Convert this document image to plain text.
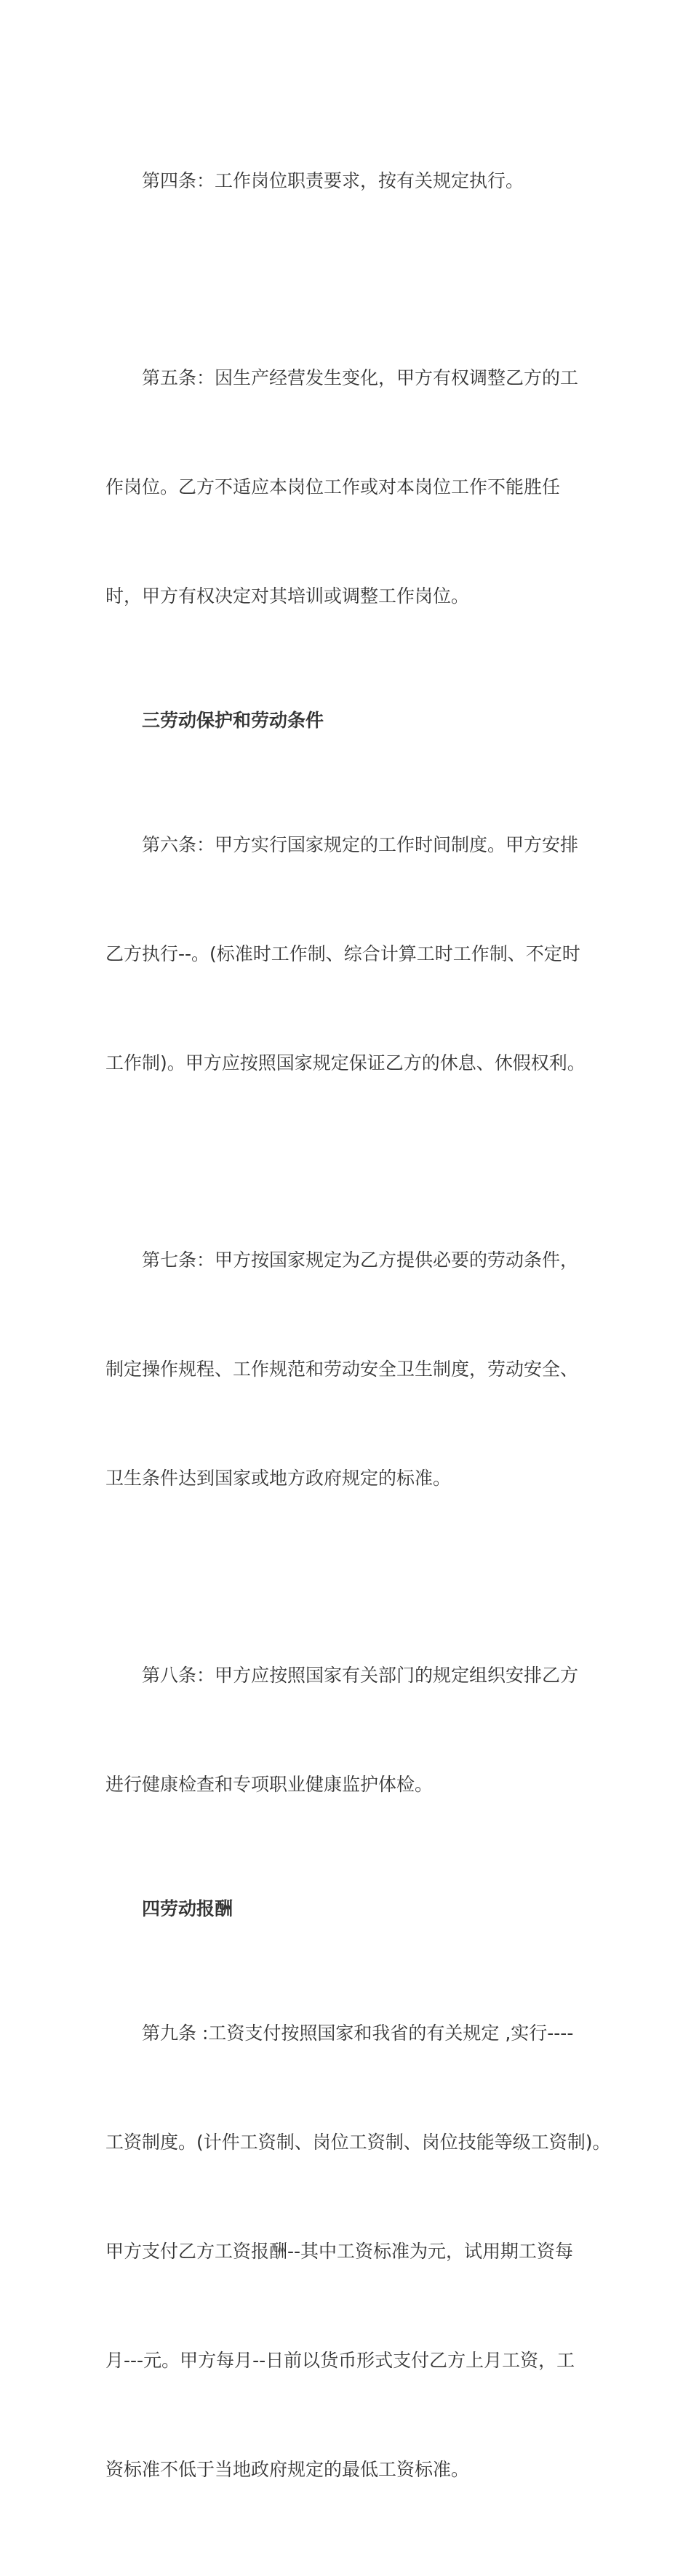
第四条：工作岗位职责要求，按有关规定执行。

第五条：因生产经营发生变化，甲方有权调整乙方的工

作岗位。乙方不适应本岗位工作或对本岗位工作不能胜任

时，甲方有权决定对其培训或调整工作岗位。

三劳动保护和劳动条件

第六条：甲方实行国家规定的工作时间制度。甲方安排

乙方执行--。(标准时工作制、综合计算工时工作制、不定时

工作制)。甲方应按照国家规定保证乙方的休息、休假权利。

第七条：甲方按国家规定为乙方提供必要的劳动条件，

制定操作规程、工作规范和劳动安全卫生制度，劳动安全、

卫生条件达到国家或地方政府规定的标准。

第八条：甲方应按照国家有关部门的规定组织安排乙方

进行健康检查和专项职业健康监护体检。

四劳动报酬

第九条 :工资支付按照国家和我省的有关规定 ,实行----

工资制度。(计件工资制、岗位工资制、岗位技能等级工资制)。

甲方支付乙方工资报酬--其中工资标准为元，试用期工资每

月---元。甲方每月--日前以货币形式支付乙方上月工资，工

资标准不低于当地政府规定的最低工资标准。
